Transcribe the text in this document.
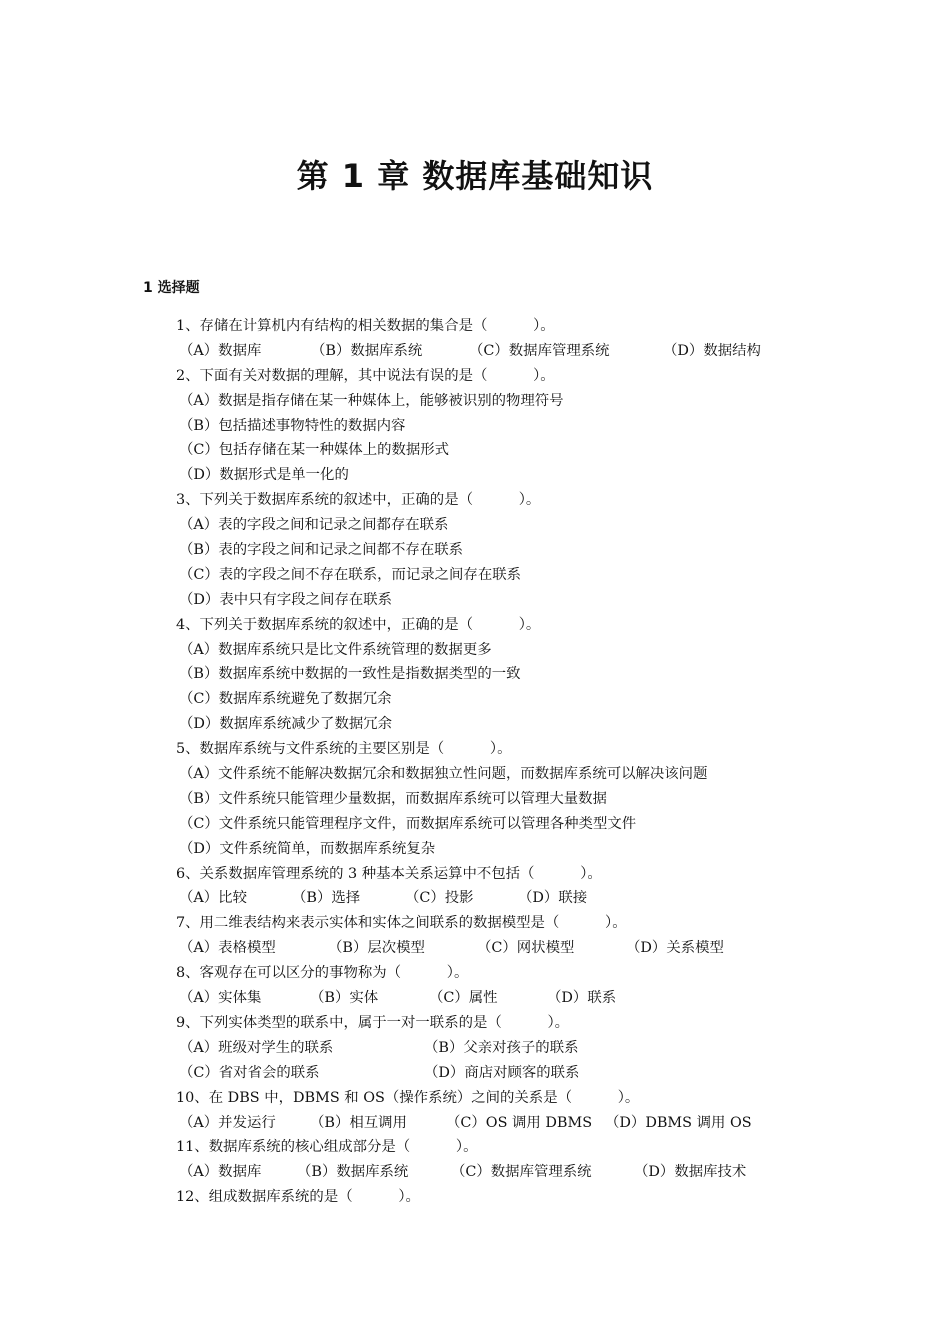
第 1 章 数据库基础知识
1 选择题
1、存储在计算机内有结构的相关数据的集合是（          ）。
（A）数据库	（B）数据库系统	（C）数据库管理系统	（D）数据结构
2、下面有关对数据的理解，其中说法有误的是（          ）。
（A）数据是指存储在某一种媒体上，能够被识别的物理符号
（B）包括描述事物特性的数据内容
（C）包括存储在某一种媒体上的数据形式
（D）数据形式是单一化的
3、下列关于数据库系统的叙述中，正确的是（          ）。
（A）表的字段之间和记录之间都存在联系
（B）表的字段之间和记录之间都不存在联系
（C）表的字段之间不存在联系，而记录之间存在联系
（D）表中只有字段之间存在联系
4、下列关于数据库系统的叙述中，正确的是（          ）。
（A）数据库系统只是比文件系统管理的数据更多
（B）数据库系统中数据的一致性是指数据类型的一致
（C）数据库系统避免了数据冗余
（D）数据库系统减少了数据冗余
5、数据库系统与文件系统的主要区别是（          ）。
（A）文件系统不能解决数据冗余和数据独立性问题，而数据库系统可以解决该问题
（B）文件系统只能管理少量数据，而数据库系统可以管理大量数据
（C）文件系统只能管理程序文件，而数据库系统可以管理各种类型文件
（D）文件系统简单，而数据库系统复杂
6、关系数据库管理系统的 3 种基本关系运算中不包括（          ）。
（A）比较	（B）选择	（C）投影	（D）联接
7、用二维表结构来表示实体和实体之间联系的数据模型是（          ）。
（A）表格模型	（B）层次模型	（C）网状模型	（D）关系模型
8、客观存在可以区分的事物称为（          ）。
（A）实体集	（B）实体	（C）属性	（D）联系
9、下列实体类型的联系中，属于一对一联系的是（          ）。
（A）班级对学生的联系	（B）父亲对孩子的联系
（C）省对省会的联系	（D）商店对顾客的联系
10、在 DBS 中，DBMS 和 OS（操作系统）之间的关系是（          ）。
（A）并发运行	（B）相互调用	（C）OS 调用 DBMS （D）DBMS 调用 OS
11、数据库系统的核心组成部分是（          ）。
（A）数据库	（B）数据库系统	（C）数据库管理系统	（D）数据库技术
12、组成数据库系统的是（          ）。
